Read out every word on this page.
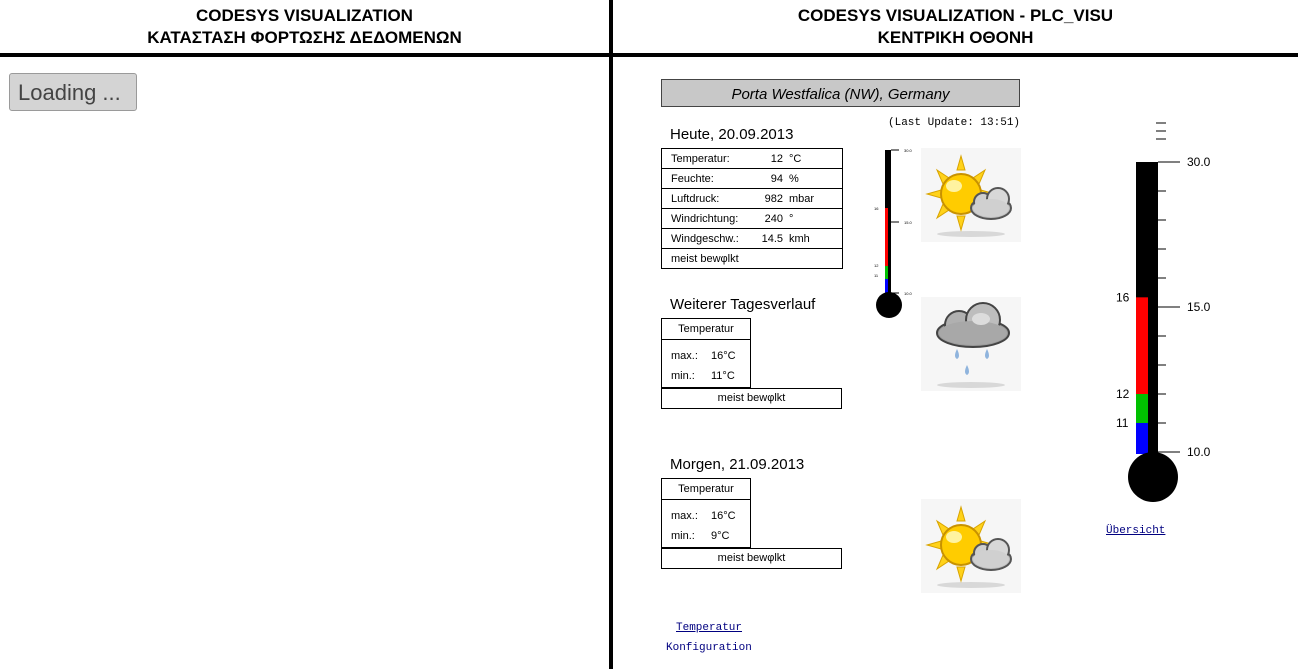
CODESYS VISUALIZATION
ΚΑΤΑΣΤΑΣΗ ΦΟΡΤΩΣΗΣ ΔΕΔΟΜΕΝΩΝ
CODESYS VISUALIZATION - PLC_VISU
ΚΕΝΤΡΙΚΗ ΟΘΟΝΗ
Loading ...	Porta Westfalica (NW), Germany
(Last Update: 13:51)
Heute, 20.09.2013
Temperatur:	12 °C

Feuchte:	94 %

Luftdruck:	982 mbar

Windrichtung:	240 °

Windgeschw.:	14.5 kmh

meist bewφlkt
Weiterer Tagesverlauf
Temperatur
max.: 16°C
min.: 11°C
meist bewφlkt
Morgen, 21.09.2013
Temperatur
max.: 16°C
min.: 9°C
meist bewφlkt
30.0
15.0
10.0
16
12
11
30.0
15.0
10.0
16
12
11
Übersicht
Temperatur
Konfiguration
